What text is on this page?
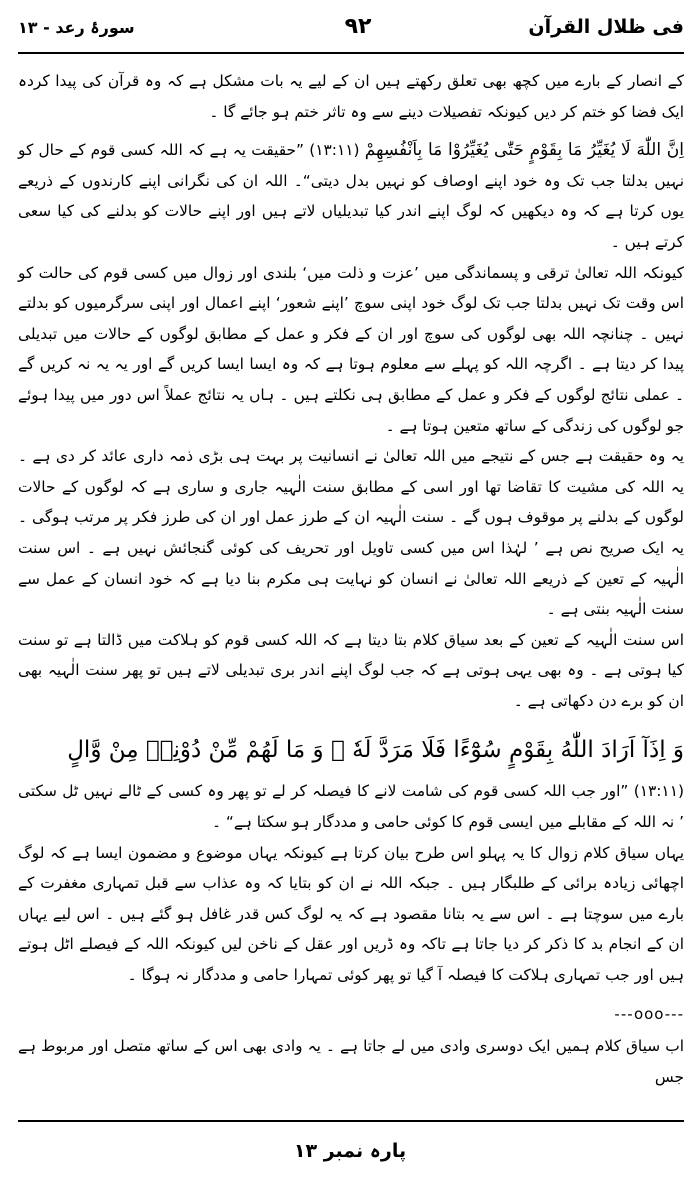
فی ظلال القرآن
۹۲
سورۂ رعد - ۱۳

کے انصار کے بارے میں کچھ بھی تعلق رکھتے ہیں ان کے لیے یہ بات مشکل ہے کہ وہ قرآن کی پیدا کردہ ایک فضا کو ختم کر دیں کیونکہ تفصیلات دینے سے وہ تاثر ختم ہو جائے گا ۔

اِنَّ اللّٰهَ لَا يُغَيِّرُ مَا بِقَوْمٍ حَتّٰى يُغَيِّرُوْا مَا بِاَنْفُسِهِمْ (۱۳:۱۱) ”حقیقت یہ ہے کہ اللہ کسی قوم کے حال کو نہیں بدلتا جب تک وہ خود اپنے اوصاف کو نہیں بدل دیتی“۔ اللہ ان کی نگرانی اپنے کارندوں کے ذریعے یوں کرتا ہے کہ وہ دیکھیں کہ لوگ اپنے اندر کیا تبدیلیاں لاتے ہیں اور اپنے حالات کو بدلنے کی کیا سعی کرتے ہیں ۔

کیونکہ اللہ تعالیٰ ترقی و پسماندگی میں ’عزت و ذلت میں‘ بلندی اور زوال میں کسی قوم کی حالت کو اس وقت تک نہیں بدلتا جب تک لوگ خود اپنی سوچ ’اپنے شعور‘ اپنے اعمال اور اپنی سرگرمیوں کو بدلتے نہیں ۔ چنانچہ اللہ بھی لوگوں کی سوچ اور ان کے فکر و عمل کے مطابق لوگوں کے حالات میں تبدیلی پیدا کر دیتا ہے ۔ اگرچہ اللہ کو پہلے سے معلوم ہوتا ہے کہ وہ ایسا ایسا کریں گے اور یہ یہ نہ کریں گے ۔ عملی نتائج لوگوں کے فکر و عمل کے مطابق ہی نکلتے ہیں ۔ ہاں یہ نتائج عملاً اس دور میں پیدا ہوئے جو لوگوں کی زندگی کے ساتھ متعین ہوتا ہے ۔

یہ وہ حقیقت ہے جس کے نتیجے میں اللہ تعالیٰ نے انسانیت پر بہت ہی بڑی ذمہ داری عائد کر دی ہے ۔ یہ اللہ کی مشیت کا تقاضا تھا اور اسی کے مطابق سنت الٰہیہ جاری و ساری ہے کہ لوگوں کے حالات لوگوں کے بدلنے پر موقوف ہوں گے ۔ سنت الٰہیہ ان کے طرز عمل اور ان کی طرز فکر پر مرتب ہوگی ۔ یہ ایک صریح نص ہے ’ لہٰذا اس میں کسی تاویل اور تحریف کی کوئی گنجائش نہیں ہے ۔ اس سنت الٰہیہ کے تعین کے ذریعے اللہ تعالیٰ نے انسان کو نہایت ہی مکرم بنا دیا ہے کہ خود انسان کے عمل سے سنت الٰہیہ بنتی ہے ۔

اس سنت الٰہیہ کے تعین کے بعد سیاق کلام بتا دیتا ہے کہ اللہ کسی قوم کو ہلاکت میں ڈالتا ہے تو سنت کیا ہوتی ہے ۔ وہ بھی یہی ہوتی ہے کہ جب لوگ اپنے اندر بری تبدیلی لاتے ہیں تو پھر سنت الٰہیہ بھی ان کو برے دن دکھاتی ہے ۔

وَ اِذَآ اَرَادَ اللّٰهُ بِقَوْمٍ سُوْٓءًا فَلَا مَرَدَّ لَهٗ ۚ وَ مَا لَهُمْ مِّنْ دُوْنِهٖ مِنْ وَّالٍ

(۱۳:۱۱) ”اور جب اللہ کسی قوم کی شامت لانے کا فیصلہ کر لے تو پھر وہ کسی کے ٹالے نہیں ٹل سکتی ’ نہ اللہ کے مقابلے میں ایسی قوم کا کوئی حامی و مددگار ہو سکتا ہے“ ۔

یہاں سیاق کلام زوال کا یہ پہلو اس طرح بیان کرتا ہے کیونکہ یہاں موضوع و مضمون ایسا ہے کہ لوگ اچھائی زیادہ برائی کے طلبگار ہیں ۔ جبکہ اللہ نے ان کو بتایا کہ وہ عذاب سے قبل تمہاری مغفرت کے بارے میں سوچتا ہے ۔ اس سے یہ بتانا مقصود ہے کہ یہ لوگ کس قدر غافل ہو گئے ہیں ۔ اس لیے یہاں ان کے انجام بد کا ذکر کر دیا جاتا ہے تاکہ وہ ڈریں اور عقل کے ناخن لیں کیونکہ اللہ کے فیصلے اٹل ہوتے ہیں اور جب تمہاری ہلاکت کا فیصلہ آ گیا تو پھر کوئی تمہارا حامی و مددگار نہ ہوگا ۔

---ooo---

اب سیاق کلام ہمیں ایک دوسری وادی میں لے جاتا ہے ۔ یہ وادی بھی اس کے ساتھ متصل اور مربوط ہے جس

پارہ نمبر ۱۳
